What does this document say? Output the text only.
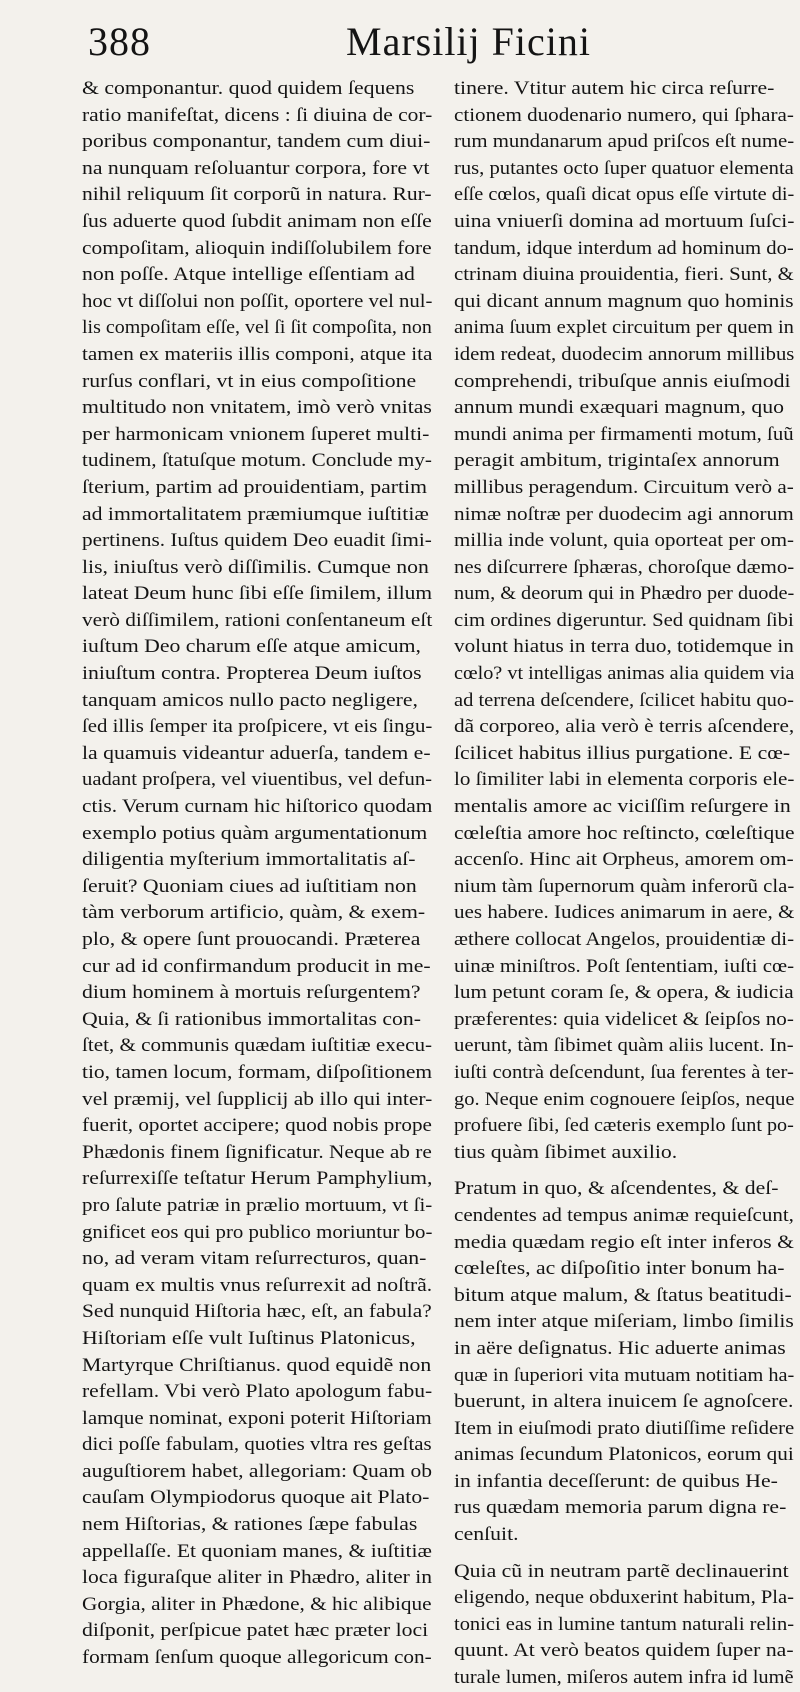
388	Marsilij Ficini
& componantur. quod quidem ſequens
ratio manifeſtat, dicens : ſi diuina de cor-
poribus componantur, tandem cum diui-
na nunquam reſoluantur corpora, fore vt
nihil reliquum ſit corporũ in natura. Rur-
ſus aduerte quod ſubdit animam non eſſe
compoſitam, alioquin indiſſolubilem fore
non poſſe. Atque intellige eſſentiam ad
hoc vt diſſolui non poſſit, oportere vel nul-
lis compoſitam eſſe, vel ſi ſit compoſita, non
tamen ex materiis illis componi, atque ita
rurſus conflari, vt in eius compoſitione
multitudo non vnitatem, imò verò vnitas
per harmonicam vnionem ſuperet multi-
tudinem, ſtatuſque motum. Conclude my-
ſterium, partim ad prouidentiam, partim
ad immortalitatem præmiumque iuſtitiæ
pertinens. Iuſtus quidem Deo euadit ſimi-
lis, iniuſtus verò diſſimilis. Cumque non
lateat Deum hunc ſibi eſſe ſimilem, illum
verò diſſimilem, rationi conſentaneum eſt
iuſtum Deo charum eſſe atque amicum,
iniuſtum contra. Propterea Deum iuſtos
tanquam amicos nullo pacto negligere,
ſed illis ſemper ita proſpicere, vt eis ſingu-
la quamuis videantur aduerſa, tandem e-
uadant proſpera, vel viuentibus, vel defun-
ctis. Verum curnam hic hiſtorico quodam
exemplo potius quàm argumentationum
diligentia myſterium immortalitatis aſ-
ſeruit? Quoniam ciues ad iuſtitiam non
tàm verborum artificio, quàm, & exem-
plo, & opere ſunt prouocandi. Præterea
cur ad id confirmandum producit in me-
dium hominem à mortuis reſurgentem?
Quia, & ſi rationibus immortalitas con-
ſtet, & communis quædam iuſtitiæ execu-
tio, tamen locum, formam, diſpoſitionem
vel præmij, vel ſupplicij ab illo qui inter-
fuerit, oportet accipere; quod nobis prope
Phædonis finem ſignificatur. Neque ab re
reſurrexiſſe teſtatur Herum Pamphylium,
pro ſalute patriæ in prælio mortuum, vt ſi-
gnificet eos qui pro publico moriuntur bo-
no, ad veram vitam reſurrecturos, quan-
quam ex multis vnus reſurrexit ad noſtrã.
Sed nunquid Hiſtoria hæc, eſt, an fabula?
Hiſtoriam eſſe vult Iuſtinus Platonicus,
Martyrque Chriſtianus. quod equidẽ non
refellam. Vbi verò Plato apologum fabu-
lamque nominat, exponi poterit Hiſtoriam
dici poſſe fabulam, quoties vltra res geſtas
auguſtiorem habet, allegoriam: Quam ob
cauſam Olympiodorus quoque ait Plato-
nem Hiſtorias, & rationes ſæpe fabulas
appellaſſe. Et quoniam manes, & iuſtitiæ
loca figuraſque aliter in Phædro, aliter in
Gorgia, aliter in Phædone, & hic alibique
diſponit, perſpicue patet hæc præter loci
formam ſenſum quoque allegoricum con-
tinere. Vtitur autem hic circa reſurre-
ctionem duodenario numero, qui ſphara-
rum mundanarum apud priſcos eſt nume-
rus, putantes octo ſuper quatuor elementa
eſſe cœlos, quaſi dicat opus eſſe virtute di-
uina vniuerſi domina ad mortuum ſuſci-
tandum, idque interdum ad hominum do-
ctrinam diuina prouidentia, fieri. Sunt, &
qui dicant annum magnum quo hominis
anima ſuum explet circuitum per quem in
idem redeat, duodecim annorum millibus
comprehendi, tribuſque annis eiuſmodi
annum mundi exæquari magnum, quo
mundi anima per firmamenti motum, ſuũ
peragit ambitum, trigintaſex annorum
millibus peragendum. Circuitum verò a-
nimæ noſtræ per duodecim agi annorum
millia inde volunt, quia oporteat per om-
nes diſcurrere ſphæras, choroſque dæmo-
num, & deorum qui in Phædro per duode-
cim ordines digeruntur. Sed quidnam ſibi
volunt hiatus in terra duo, totidemque in
cœlo? vt intelligas animas alia quidem via
ad terrena deſcendere, ſcilicet habitu quo-
dã corporeo, alia verò è terris aſcendere,
ſcilicet habitus illius purgatione. E cœ-
lo ſimiliter labi in elementa corporis ele-
mentalis amore ac viciſſim reſurgere in
cœleſtia amore hoc reſtincto, cœleſtique
accenſo. Hinc ait Orpheus, amorem om-
nium tàm ſupernorum quàm inferorũ cla-
ues habere. Iudices animarum in aere, &
æthere collocat Angelos, prouidentiæ di-
uinæ miniſtros. Poſt ſententiam, iuſti cœ-
lum petunt coram ſe, & opera, & iudicia
præferentes: quia videlicet & ſeipſos no-
uerunt, tàm ſibimet quàm aliis lucent. In-
iuſti contrà deſcendunt, ſua ferentes à ter-
go. Neque enim cognouere ſeipſos, neque
profuere ſibi, ſed cæteris exemplo ſunt po-
tius quàm ſibimet auxilio.
Pratum in quo, & aſcendentes, & deſ-
cendentes ad tempus animæ requieſcunt,
media quædam regio eſt inter inferos &
cœleſtes, ac diſpoſitio inter bonum ha-
bitum atque malum, & ſtatus beatitudi-
nem inter atque miſeriam, limbo ſimilis
in aëre deſignatus. Hic aduerte animas
quæ in ſuperiori vita mutuam notitiam ha-
buerunt, in altera inuicem ſe agnoſcere.
Item in eiuſmodi prato diutiſſime reſidere
animas ſecundum Platonicos, eorum qui
in infantia deceſſerunt: de quibus He-
rus quædam memoria parum digna re-
cenſuit.
Quia cũ in neutram partẽ declinauerint
eligendo, neque obduxerint habitum, Pla-
tonici eas in lumine tantum naturali relin-
quunt. At verò beatos quidem ſuper na-
turale lumen, miſeros autem infra id lumẽ
